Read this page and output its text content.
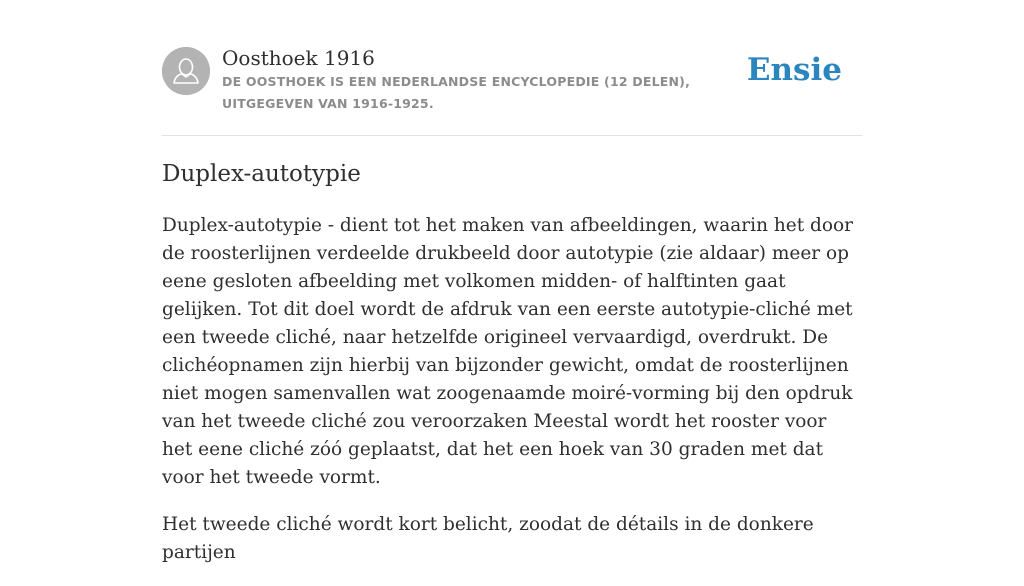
Oosthoek 1916
DE OOSTHOEK IS EEN NEDERLANDSE ENCYCLOPEDIE (12 DELEN), UITGEGEVEN VAN 1916-1925.
Ensie
Duplex-autotypie

Duplex-autotypie - dient tot het maken van afbeeldingen, waarin het door de roosterlijnen verdeelde drukbeeld door autotypie (zie aldaar) meer op eene gesloten afbeelding met volkomen midden- of halftinten gaat gelijken. Tot dit doel wordt de afdruk van een eerste autotypie-cliché met een tweede cliché, naar hetzelfde origineel vervaardigd, overdrukt. De clichéopnamen zijn hierbij van bijzonder gewicht, omdat de roosterlijnen niet mogen samenvallen wat zoogenaamde moiré-vorming bij den opdruk van het tweede cliché zou veroorzaken Meestal wordt het rooster voor het eene cliché zóó geplaatst, dat het een hoek van 30 graden met dat voor het tweede vormt.

Het tweede cliché wordt kort belicht, zoodat de détails in de donkere partijen
